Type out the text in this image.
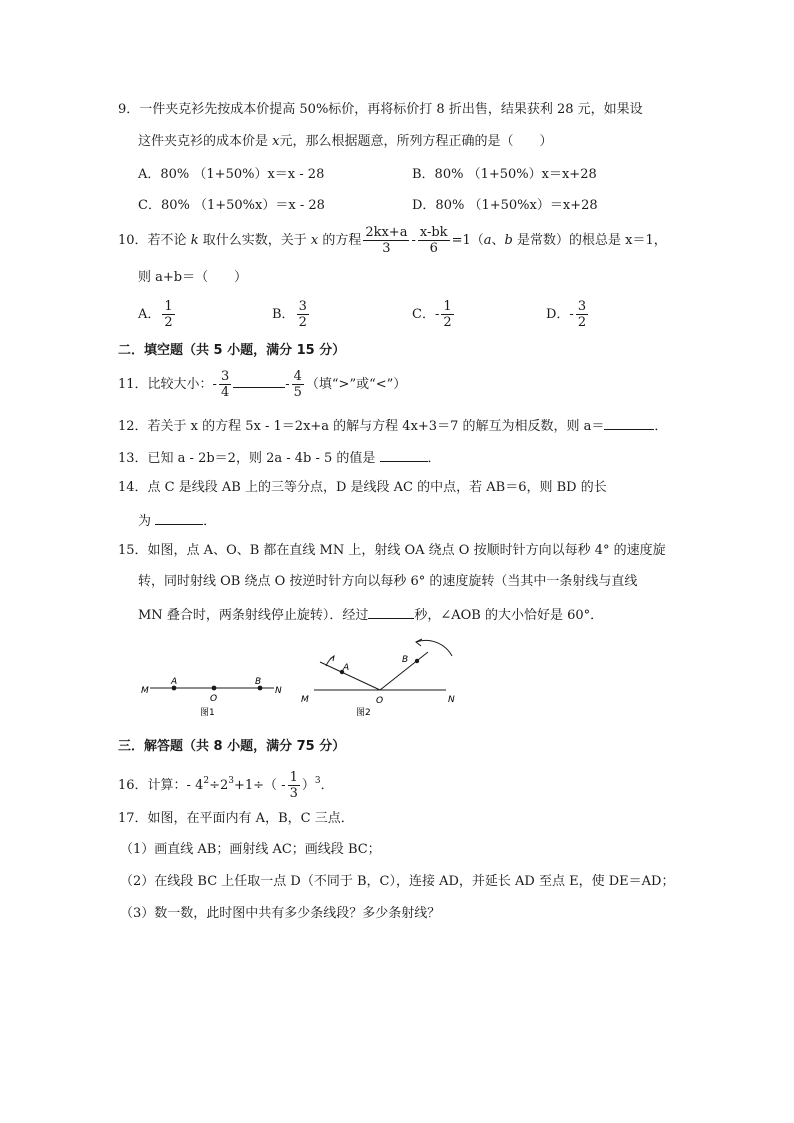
9．一件夹克衫先按成本价提高 50%标价，再将标价打 8 折出售，结果获利 28 元，如果设
这件夹克衫的成本价是 x元，那么根据题意，所列方程正确的是（　　）
A．80% （1+50%）x＝x - 28	B．80% （1+50%）x＝x+28
C．80% （1+50%x）＝x - 28	D．80% （1+50%x）＝x+28
10．若不论 k 取什么实数，关于 x 的方程 $\frac{2kx+a}{3} - \frac{x-bk}{6} =1(a$、b 是常数）的根总是 x＝1，
则 a+b＝（　　）
A． $\frac{1}{2}$	B． $\frac{3}{2}$	C．- $\frac{1}{2}$	D．- $\frac{3}{2}$
二．填空题（共 5 小题，满分 15 分）
11．比较大小：- $\frac{3}{4}$	- $\frac{4}{5}$ （填“>”或“<”）
12．若关于 x 的方程 5x - 1＝2x+a 的解与方程 4x+3＝7 的解互为相反数，则 a＝	．
13．已知 a - 2b＝2，则 2a - 4b - 5 的值是	．
14．点 C 是线段 AB 上的三等分点，D 是线段 AC 的中点，若 AB＝6，则 BD 的长
为	．
15．如图，点 A、O、B 都在直线 MN 上，射线 OA 绕点 O 按顺时针方向以每秒 4° 的速度旋
转，同时射线 OB 绕点 O 按逆时针方向以每秒 6° 的速度旋转（当其中一条射线与直线
MN 叠合时，两条射线停止旋转）．经过	秒，∠AOB 的大小恰好是 60°．
M
A
O
B
N
图1
M
A
O
B
N
图2
三．解答题（共 8 小题，满分 75 分）
16．计算：- $4^2\div 2^3+1\div( - \frac{1}{3} )^3$．
17．如图，在平面内有 A，B，C 三点．
（1）画直线 AB；画射线 AC；画线段 BC；
（2）在线段 BC 上任取一点 D（不同于 B，C），连接 AD，并延长 AD 至点 E，使 DE＝AD；
（3）数一数，此时图中共有多少条线段？多少条射线？
